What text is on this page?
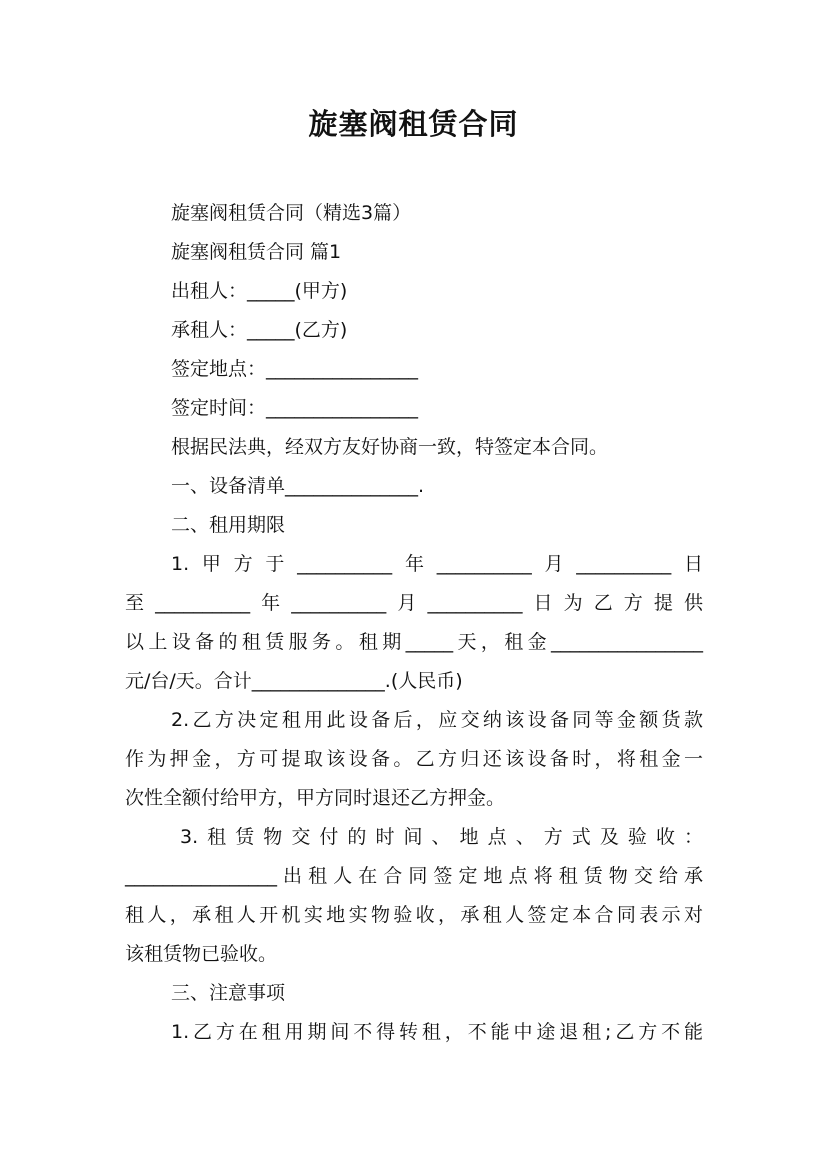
旋塞阀租赁合同
旋塞阀租赁合同（精选3篇）
旋塞阀租赁合同 篇1
出租人：_____(甲方)
承租人：_____(乙方)
签定地点：________________
签定时间：________________
根据民法典，经双方友好协商一致，特签定本合同。
一、设备清单______________.
二、租用期限
1.甲方于__________年__________月__________日
至__________年__________月__________日为乙方提供
以上设备的租赁服务。租期_____天，租金________________
元/台/天。合计______________.(人民币)
2.乙方决定租用此设备后，应交纳该设备同等金额货款
作为押金，方可提取该设备。乙方归还该设备时，将租金一
次性全额付给甲方，甲方同时退还乙方押金。
3.租赁物交付的时间、地点、方式及验收：
________________出租人在合同签定地点将租赁物交给承
租人，承租人开机实地实物验收，承租人签定本合同表示对
该租赁物已验收。
三、注意事项
1.乙方在租用期间不得转租，不能中途退租;乙方不能
